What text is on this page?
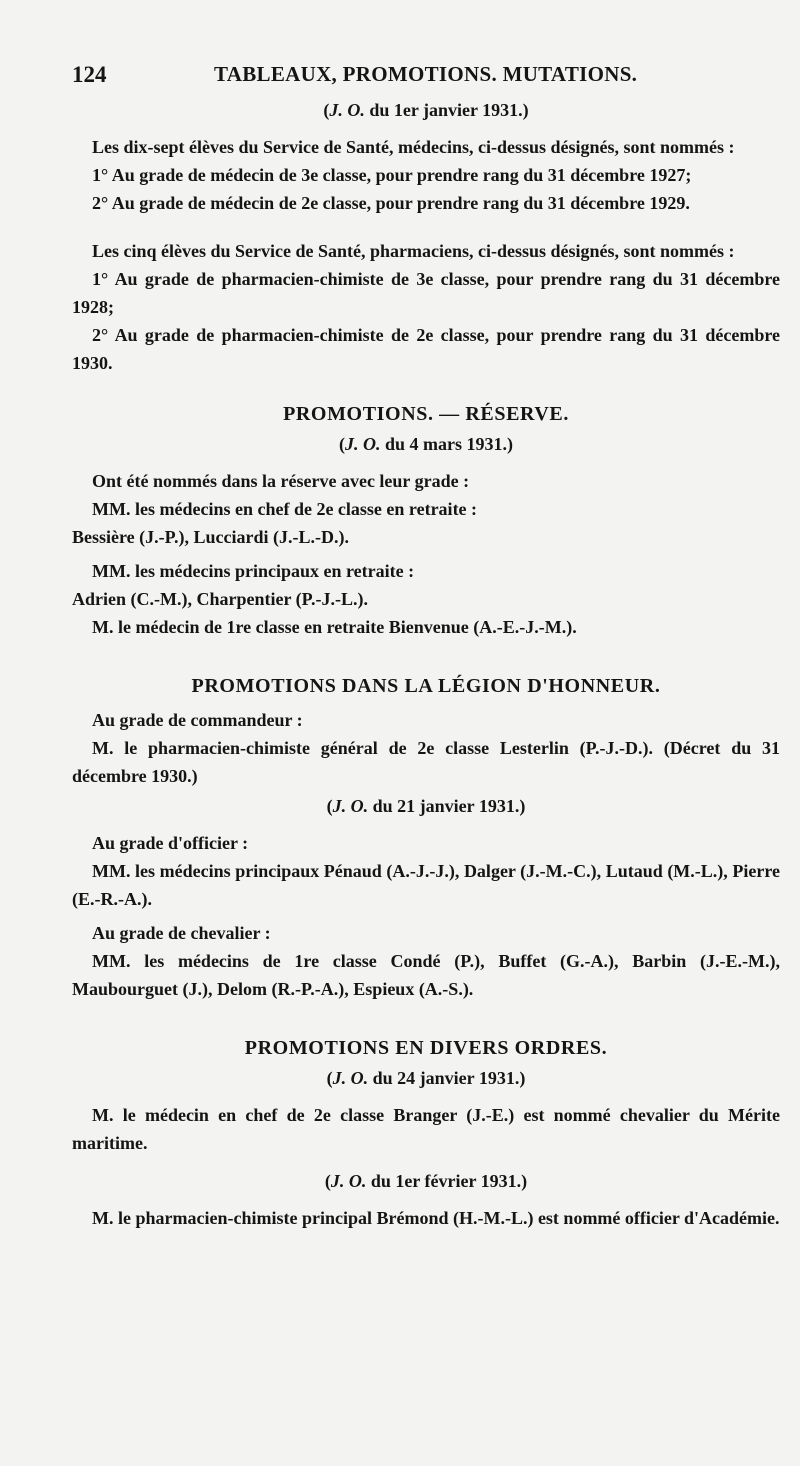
124	TABLEAUX, PROMOTIONS. MUTATIONS.
(J. O. du 1er janvier 1931.)

Les dix-sept élèves du Service de Santé, médecins, ci-dessus désignés, sont nommés :

1° Au grade de médecin de 3e classe, pour prendre rang du 31 décembre 1927;

2° Au grade de médecin de 2e classe, pour prendre rang du 31 décembre 1929.

Les cinq élèves du Service de Santé, pharmaciens, ci-dessus désignés, sont nommés :

1° Au grade de pharmacien-chimiste de 3e classe, pour prendre rang du 31 décembre 1928;

2° Au grade de pharmacien-chimiste de 2e classe, pour prendre rang du 31 décembre 1930.

PROMOTIONS. — RÉSERVE.
(J. O. du 4 mars 1931.)

Ont été nommés dans la réserve avec leur grade :

MM. les médecins en chef de 2e classe en retraite :

Bessière (J.-P.), Lucciardi (J.-L.-D.).

MM. les médecins principaux en retraite :

Adrien (C.-M.), Charpentier (P.-J.-L.).

M. le médecin de 1re classe en retraite Bienvenue (A.-E.-J.-M.).

PROMOTIONS DANS LA LÉGION D'HONNEUR.

Au grade de commandeur :

M. le pharmacien-chimiste général de 2e classe Lesterlin (P.-J.-D.). (Décret du 31 décembre 1930.)

(J. O. du 21 janvier 1931.)

Au grade d'officier :

MM. les médecins principaux Pénaud (A.-J.-J.), Dalger (J.-M.-C.), Lutaud (M.-L.), Pierre (E.-R.-A.).

Au grade de chevalier :

MM. les médecins de 1re classe Condé (P.), Buffet (G.-A.), Barbin (J.-E.-M.), Maubourguet (J.), Delom (R.-P.-A.), Espieux (A.-S.).

PROMOTIONS EN DIVERS ORDRES.
(J. O. du 24 janvier 1931.)

M. le médecin en chef de 2e classe Branger (J.-E.) est nommé chevalier du Mérite maritime.

(J. O. du 1er février 1931.)

M. le pharmacien-chimiste principal Brémond (H.-M.-L.) est nommé officier d'Académie.
